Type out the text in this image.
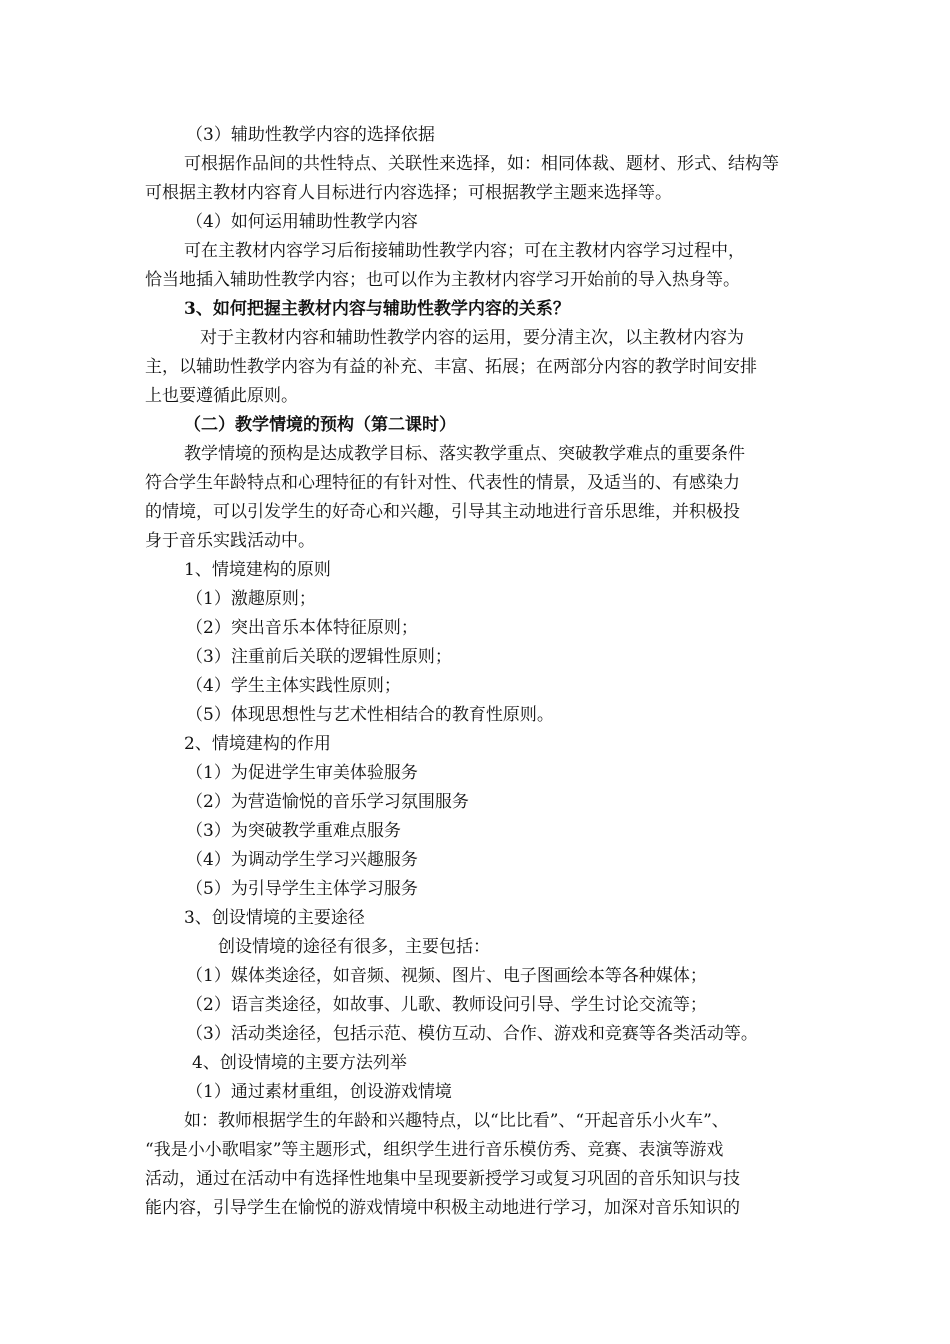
（3）辅助性教学内容的选择依据
可根据作品间的共性特点、关联性来选择，如：相同体裁、题材、形式、结构等
可根据主教材内容育人目标进行内容选择；可根据教学主题来选择等。
（4）如何运用辅助性教学内容
可在主教材内容学习后衔接辅助性教学内容；可在主教材内容学习过程中，
恰当地插入辅助性教学内容；也可以作为主教材内容学习开始前的导入热身等。
3、如何把握主教材内容与辅助性教学内容的关系？
对于主教材内容和辅助性教学内容的运用，要分清主次，以主教材内容为
主，以辅助性教学内容为有益的补充、丰富、拓展；在两部分内容的教学时间安排
上也要遵循此原则。
（二）教学情境的预构（第二课时）
教学情境的预构是达成教学目标、落实教学重点、突破教学难点的重要条件
符合学生年龄特点和心理特征的有针对性、代表性的情景，及适当的、有感染力
的情境，可以引发学生的好奇心和兴趣，引导其主动地进行音乐思维，并积极投
身于音乐实践活动中。
1、情境建构的原则
（1）激趣原则；
（2）突出音乐本体特征原则；
（3）注重前后关联的逻辑性原则；
（4）学生主体实践性原则；
（5）体现思想性与艺术性相结合的教育性原则。
2、情境建构的作用
（1）为促进学生审美体验服务
（2）为营造愉悦的音乐学习氛围服务
（3）为突破教学重难点服务
（4）为调动学生学习兴趣服务
（5）为引导学生主体学习服务
3、创设情境的主要途径
创设情境的途径有很多，主要包括：
（1）媒体类途径，如音频、视频、图片、电子图画绘本等各种媒体；
（2）语言类途径，如故事、儿歌、教师设问引导、学生讨论交流等；
（3）活动类途径，包括示范、模仿互动、合作、游戏和竞赛等各类活动等。
4、创设情境的主要方法列举
（1）通过素材重组，创设游戏情境
如：教师根据学生的年龄和兴趣特点，以“比比看”、“开起音乐小火车”、
“我是小小歌唱家”等主题形式，组织学生进行音乐模仿秀、竞赛、表演等游戏
活动，通过在活动中有选择性地集中呈现要新授学习或复习巩固的音乐知识与技
能内容，引导学生在愉悦的游戏情境中积极主动地进行学习，加深对音乐知识的
